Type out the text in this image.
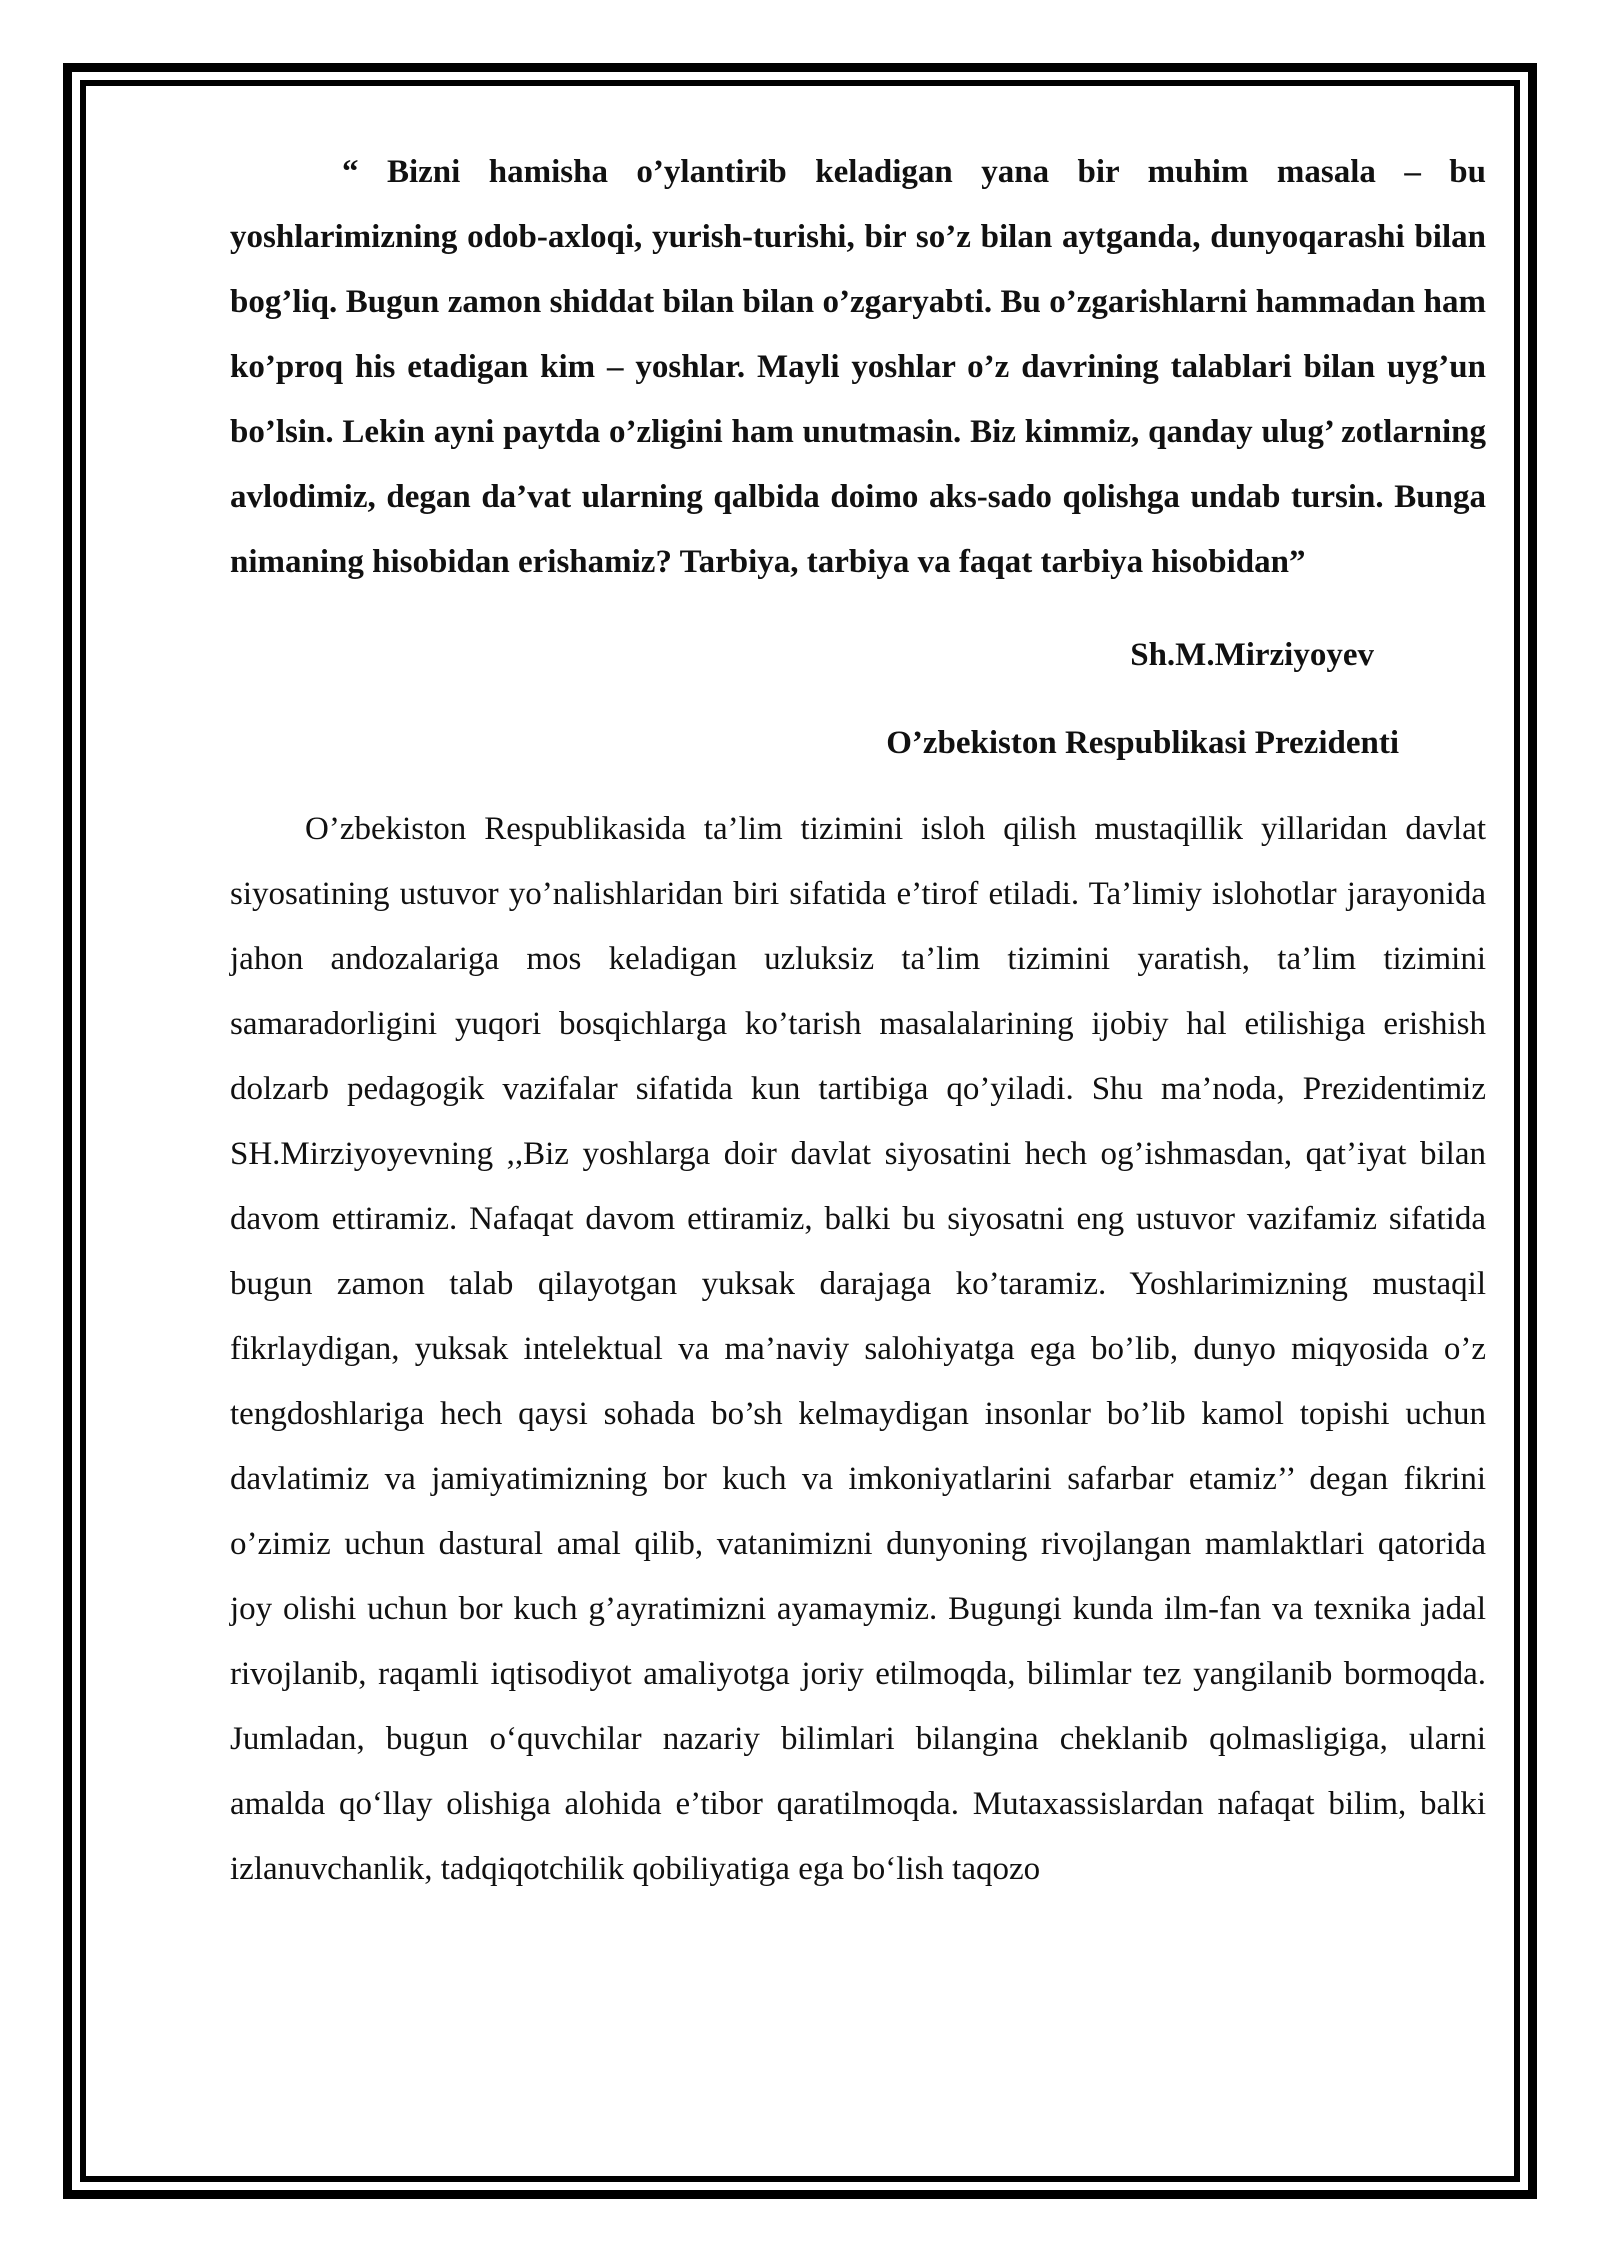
“ Bizni hamisha o’ylantirib keladigan yana bir muhim masala – bu yoshlarimizning odob-axloqi, yurish-turishi, bir so’z bilan aytganda, dunyoqarashi bilan bog’liq. Bugun zamon shiddat bilan bilan o’zgaryabti. Bu o’zgarishlarni hammadan ham ko’proq his etadigan kim – yoshlar. Mayli yoshlar o’z davrining talablari bilan uyg’un bo’lsin. Lekin ayni paytda o’zligini ham unutmasin. Biz kimmiz, qanday ulug’ zotlarning avlodimiz, degan da’vat ularning qalbida doimo aks-sado qolishga undab tursin. Bunga nimaning hisobidan erishamiz? Tarbiya, tarbiya va faqat tarbiya hisobidan”

Sh.M.Mirziyoyev

O’zbekiston Respublikasi Prezidenti

O’zbekiston Respublikasida ta’lim tizimini isloh qilish mustaqillik yillaridan davlat siyosatining ustuvor yo’nalishlaridan biri sifatida e’tirof etiladi. Ta’limiy islohotlar jarayonida jahon andozalariga mos keladigan uzluksiz ta’lim tizimini yaratish, ta’lim tizimini samaradorligini yuqori bosqichlarga ko’tarish masalalarining ijobiy hal etilishiga erishish dolzarb pedagogik vazifalar sifatida kun tartibiga qo’yiladi. Shu ma’noda, Prezidentimiz SH.Mirziyoyevning ,,Biz yoshlarga doir davlat siyosatini hech og’ishmasdan, qat’iyat bilan davom ettiramiz. Nafaqat davom ettiramiz, balki bu siyosatni eng ustuvor vazifamiz sifatida bugun zamon talab qilayotgan yuksak darajaga ko’taramiz. Yoshlarimizning mustaqil fikrlaydigan, yuksak intelektual va ma’naviy salohiyatga ega bo’lib, dunyo miqyosida o’z tengdoshlariga hech qaysi sohada bo’sh kelmaydigan insonlar bo’lib kamol topishi uchun davlatimiz va jamiyatimizning bor kuch va imkoniyatlarini safarbar etamiz’’ degan fikrini o’zimiz uchun dastural amal qilib, vatanimizni dunyoning rivojlangan mamlaktlari qatorida joy olishi uchun bor kuch g’ayratimizni ayamaymiz. Bugungi kunda ilm-fan va texnika jadal rivojlanib, raqamli iqtisodiyot amaliyotga joriy etilmoqda, bilimlar tez yangilanib bormoqda. Jumladan, bugun o‘quvchilar nazariy bilimlari bilangina cheklanib qolmasligiga, ularni amalda qo‘llay olishiga alohida e’tibor qaratilmoqda. Mutaxassislardan nafaqat bilim, balki izlanuvchanlik, tadqiqotchilik qobiliyatiga ega bo‘lish taqozo
